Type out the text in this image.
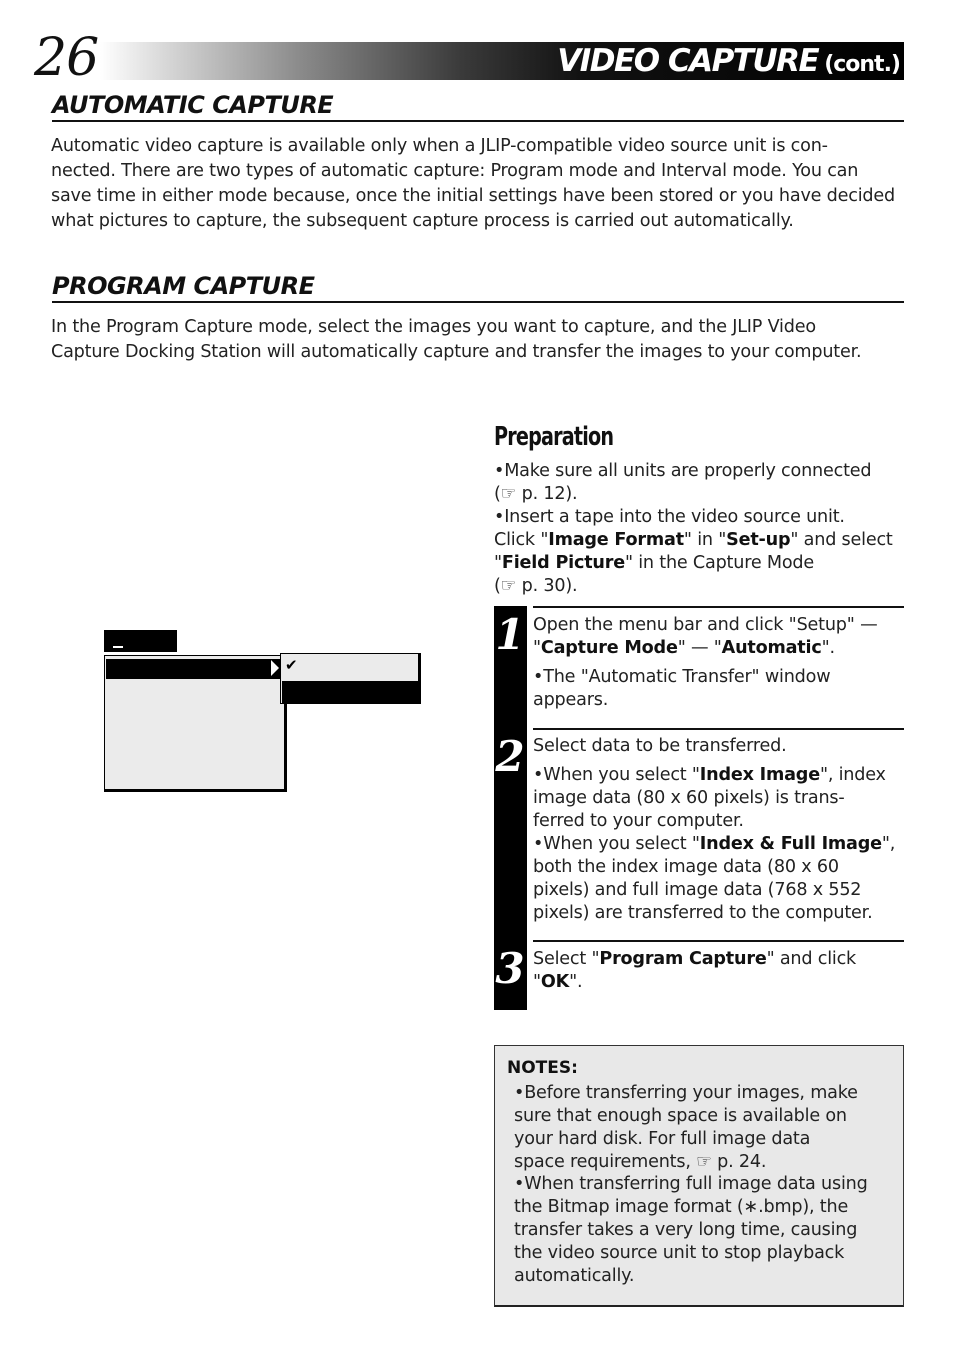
26	VIDEO CAPTURE (cont.)
AUTOMATIC CAPTURE
Automatic video capture is available only when a JLIP-compatible video source unit is con-
nected. There are two types of automatic capture: Program mode and Interval mode. You can
save time in either mode because, once the initial settings have been stored or you have decided
what pictures to capture, the subsequent capture process is carried out automatically.
PROGRAM CAPTURE
In the Program Capture mode, select the images you want to capture, and the JLIP Video
Capture Docking Station will automatically capture and transfer the images to your computer.
✔
Preparation
•Make sure all units are properly connected
(☞ p. 12).
•Insert a tape into the video source unit.
Click "Image Format" in "Set-up" and select
"Field Picture" in the Capture Mode
(☞ p. 30).
1 Open the menu bar and click "Setup" —
"Capture Mode" — "Automatic".
•The "Automatic Transfer" window
appears.
2 Select data to be transferred.
•When you select "Index Image", index
image data (80 x 60 pixels) is trans-
ferred to your computer.
•When you select "Index & Full Image",
both the index image data (80 x 60
pixels) and full image data (768 x 552
pixels) are transferred to the computer.
3 Select "Program Capture" and click
"OK".
NOTES:
•Before transferring your images, make
sure that enough space is available on
your hard disk. For full image data
space requirements, ☞ p. 24.
•When transferring full image data using
the Bitmap image format (∗.bmp), the
transfer takes a very long time, causing
the video source unit to stop playback
automatically.
